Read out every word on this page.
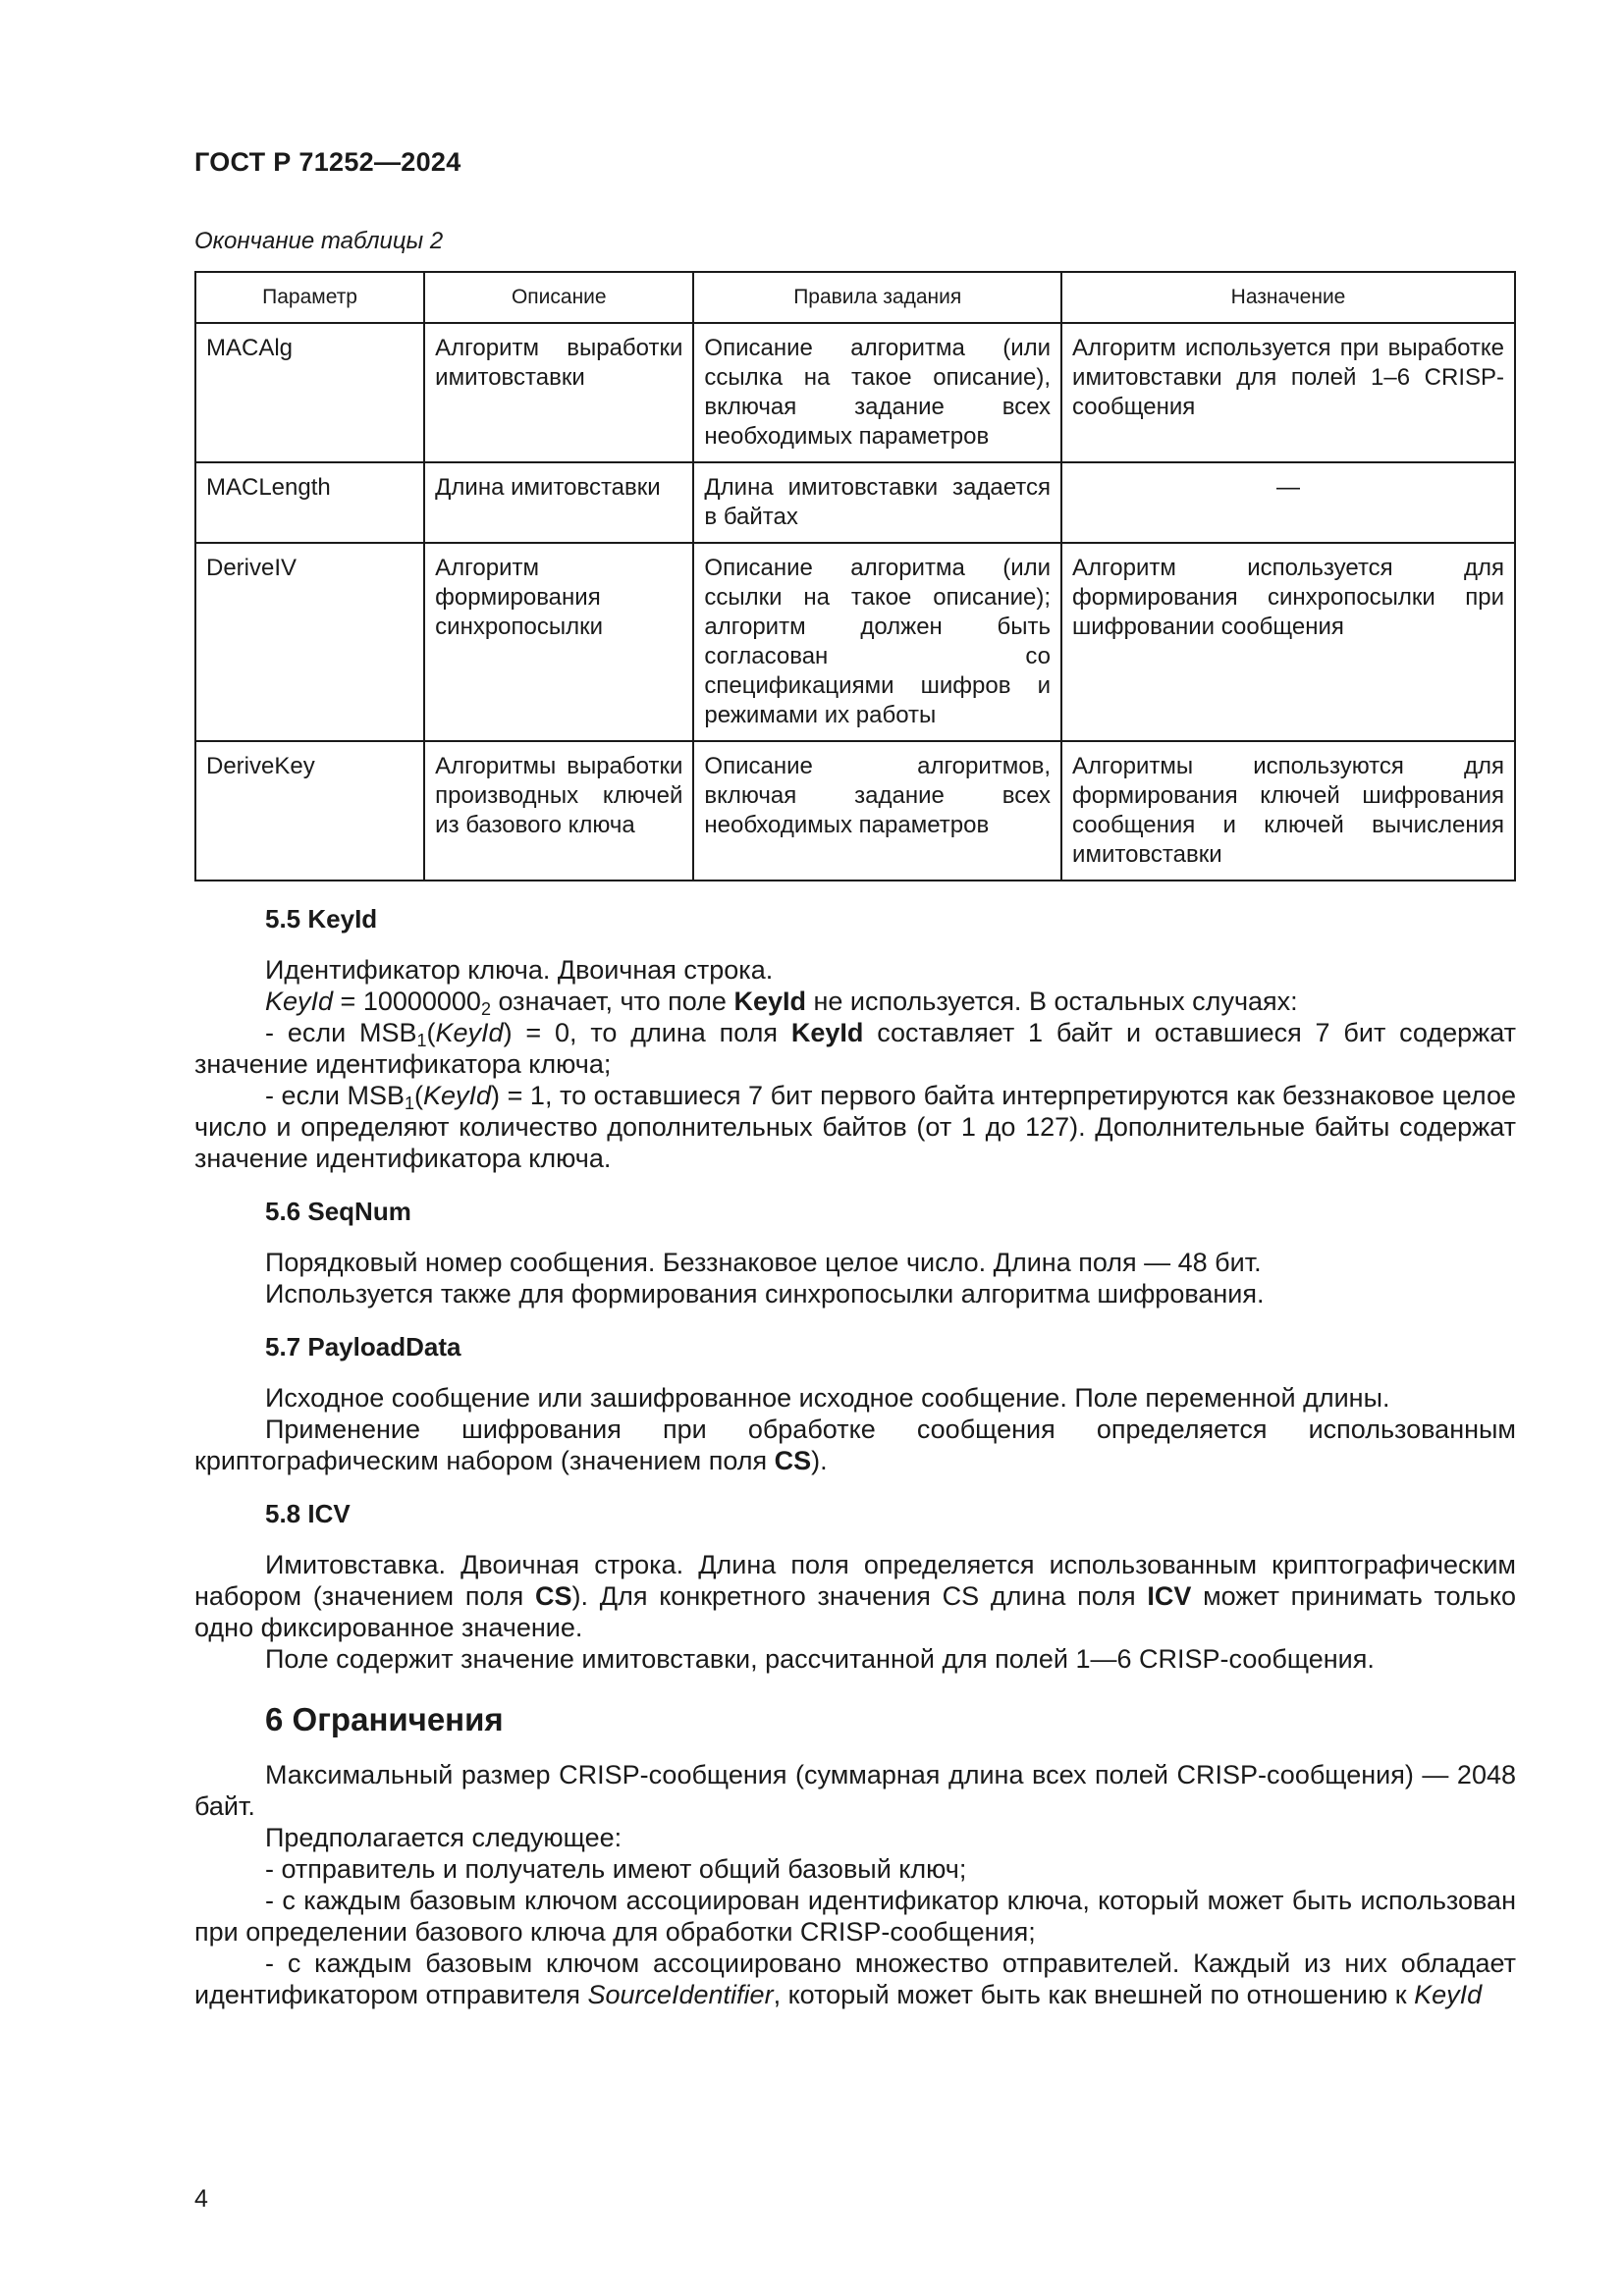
ГОСТ Р 71252—2024
Окончание таблицы 2
Параметр	Описание	Правила задания	Назначение
MACAlg	Алгоритм выработки имитовставки	Описание алгоритма (или ссылка на такое описание), включая задание всех необходимых параметров	Алгоритм используется при выработке имитовставки для полей 1–6 CRISP-сообщения
MACLength	Длина имитовставки	Длина имитовставки задается в байтах	—
DeriveIV	Алгоритм формирования синхропосылки	Описание алгоритма (или ссылки на такое описание); алгоритм должен быть согласован со спецификациями шифров и режимами их работы	Алгоритм используется для формирования синхропосылки при шифровании сообщения
DeriveKey	Алгоритмы выработки производных ключей из базового ключа	Описание алгоритмов, включая задание всех необходимых параметров	Алгоритмы используются для формирования ключей шифрования сообщения и ключей вычисления имитовставки
5.5 KeyId

Идентификатор ключа. Двоичная строка.

KeyId = $10000000_2$ означает, что поле KeyId не используется. В остальных случаях:

- если $MSB_1(KeyId) = 0$, то длина поля KeyId составляет 1 байт и оставшиеся 7 бит содержат значение идентификатора ключа;

- если $MSB_1(KeyId) = 1$, то оставшиеся 7 бит первого байта интерпретируются как беззнаковое целое число и определяют количество дополнительных байтов (от 1 до 127). Дополнительные байты содержат значение идентификатора ключа.

5.6 SeqNum

Порядковый номер сообщения. Беззнаковое целое число. Длина поля — 48 бит.

Используется также для формирования синхропосылки алгоритма шифрования.

5.7 PayloadData

Исходное сообщение или зашифрованное исходное сообщение. Поле переменной длины.

Применение шифрования при обработке сообщения определяется использованным криптографическим набором (значением поля CS).

5.8 ICV

Имитовставка. Двоичная строка. Длина поля определяется использованным криптографическим набором (значением поля CS). Для конкретного значения CS длина поля ICV может принимать только одно фиксированное значение.

Поле содержит значение имитовставки, рассчитанной для полей 1—6 CRISP-сообщения.

6 Ограничения

Максимальный размер CRISP-сообщения (суммарная длина всех полей CRISP-сообщения) — 2048 байт.

Предполагается следующее:

- отправитель и получатель имеют общий базовый ключ;

- с каждым базовым ключом ассоциирован идентификатор ключа, который может быть использован при определении базового ключа для обработки CRISP-сообщения;

- с каждым базовым ключом ассоциировано множество отправителей. Каждый из них обладает идентификатором отправителя SourceIdentifier, который может быть как внешней по отношению к KeyId

4
